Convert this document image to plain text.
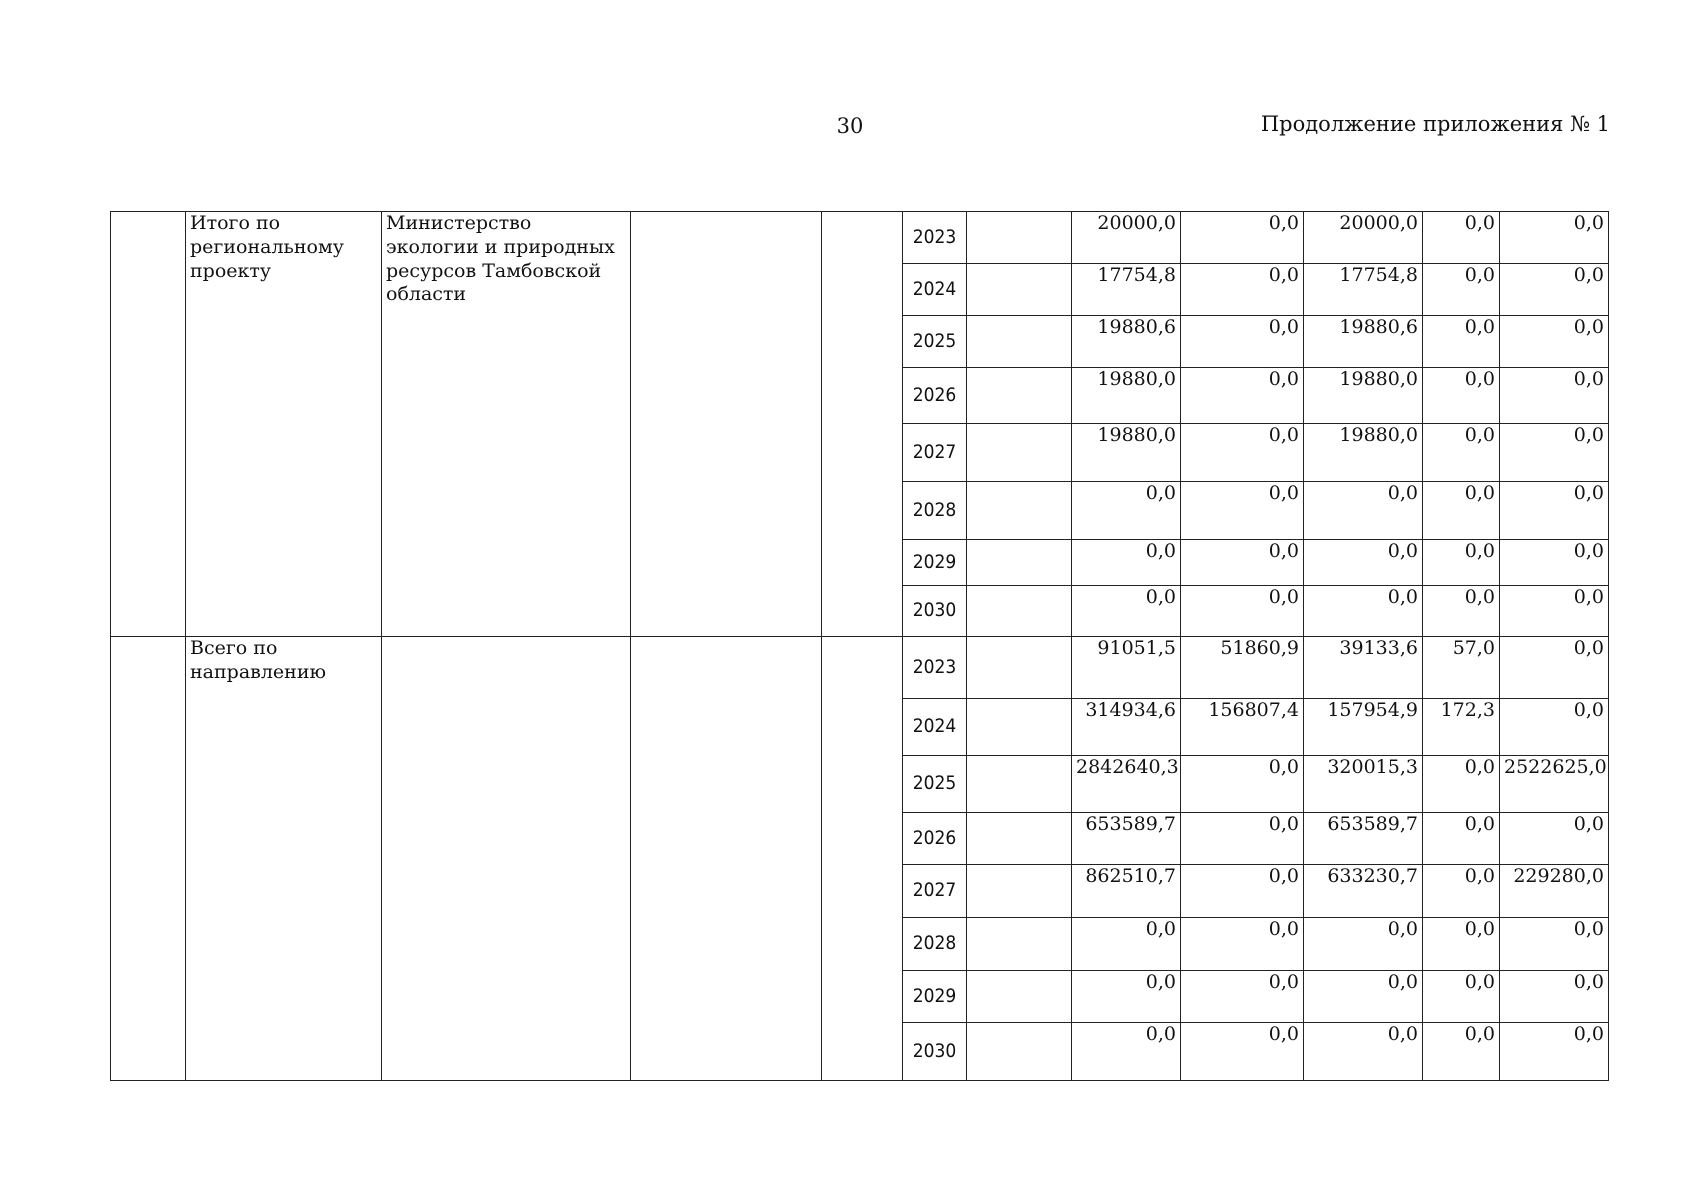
30	Продолжение приложения № 1
	Итого по региональному проекту	Министерство экологии и природных ресурсов Тамбовской области			2023		20000,0	0,0	20000,0	0,0	0,0
					2024		17754,8	0,0	17754,8	0,0	0,0
					2025		19880,6	0,0	19880,6	0,0	0,0
					2026		19880,0	0,0	19880,0	0,0	0,0
					2027		19880,0	0,0	19880,0	0,0	0,0
					2028		0,0	0,0	0,0	0,0	0,0
					2029		0,0	0,0	0,0	0,0	0,0
					2030		0,0	0,0	0,0	0,0	0,0
	Всего по направлению				2023		91051,5	51860,9	39133,6	57,0	0,0
					2024		314934,6	156807,4	157954,9	172,3	0,0
					2025		2842640,3	0,0	320015,3	0,0	2522625,0
					2026		653589,7	0,0	653589,7	0,0	0,0
					2027		862510,7	0,0	633230,7	0,0	229280,0
					2028		0,0	0,0	0,0	0,0	0,0
					2029		0,0	0,0	0,0	0,0	0,0
					2030		0,0	0,0	0,0	0,0	0,0
